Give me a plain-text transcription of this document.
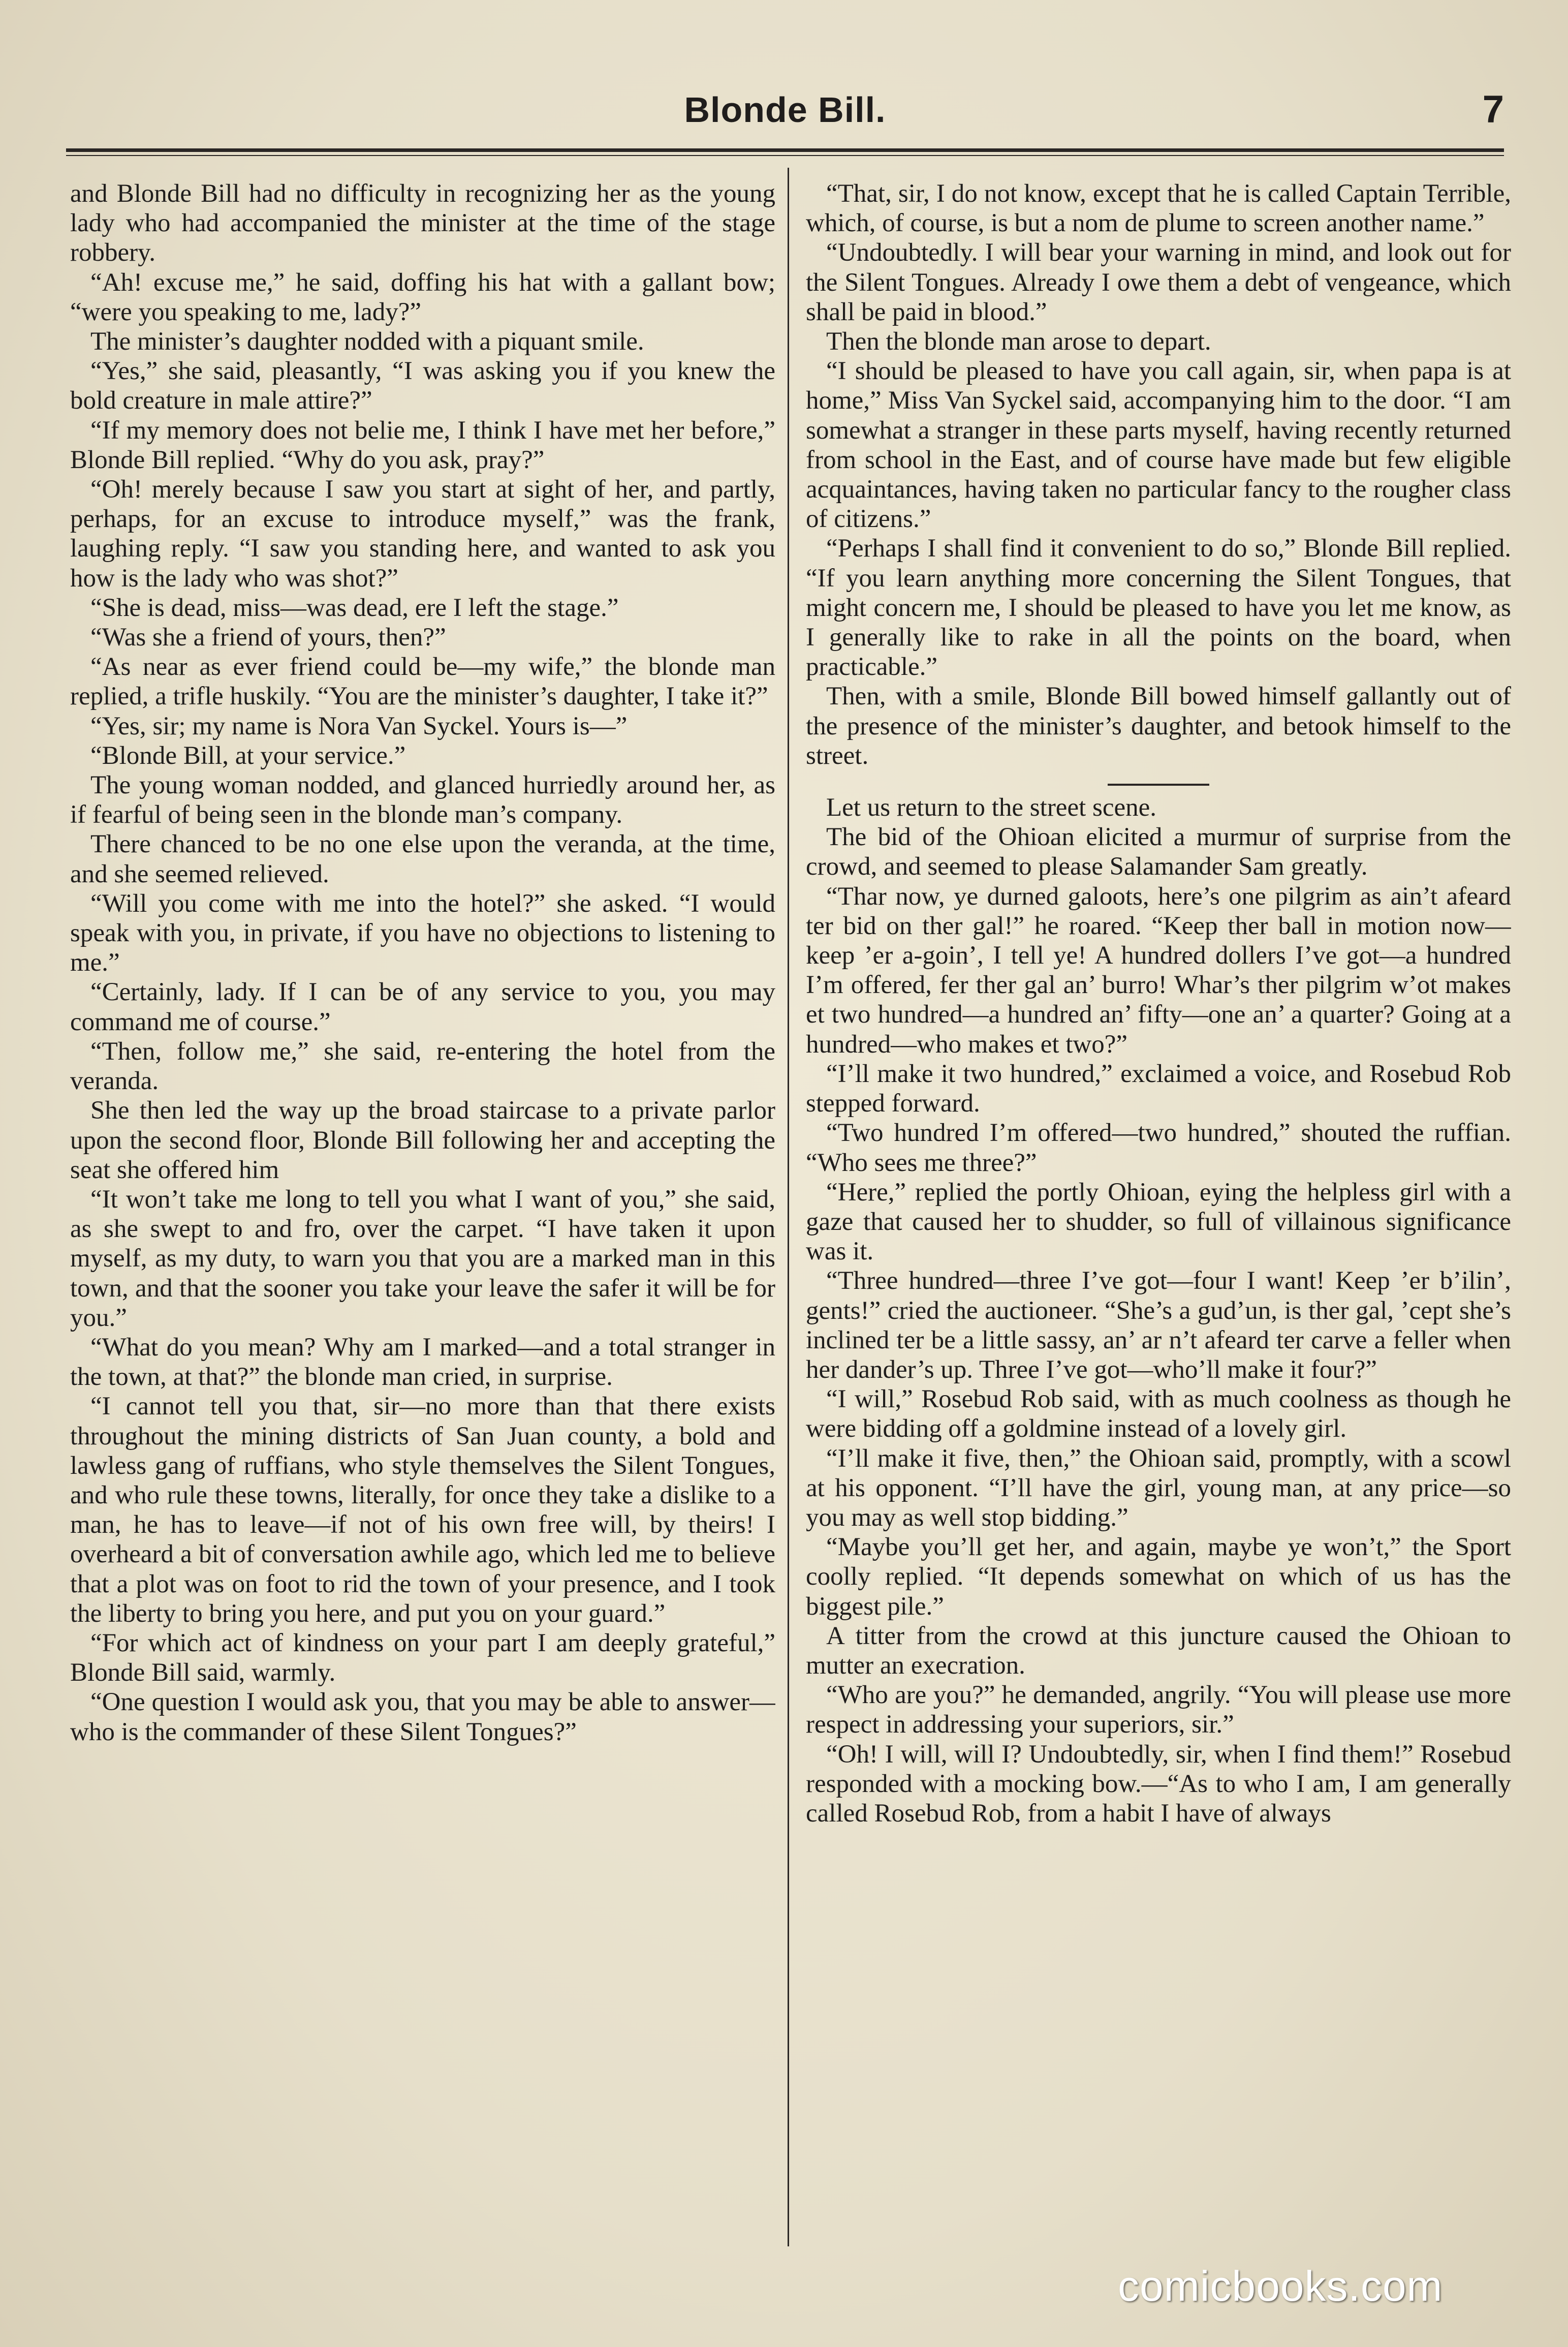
Blonde Bill.	7

and Blonde Bill had no difficulty in recognizing her as the young lady who had accompanied the minister at the time of the stage robbery.

“Ah! excuse me,” he said, doffing his hat with a gallant bow; “were you speaking to me, lady?”

The minister’s daughter nodded with a piquant smile.

“Yes,” she said, pleasantly, “I was asking you if you knew the bold creature in male attire?”

“If my memory does not belie me, I think I have met her before,” Blonde Bill replied. “Why do you ask, pray?”

“Oh! merely because I saw you start at sight of her, and partly, perhaps, for an excuse to introduce myself,” was the frank, laughing reply. “I saw you standing here, and wanted to ask you how is the lady who was shot?”

“She is dead, miss—was dead, ere I left the stage.”

“Was she a friend of yours, then?”

“As near as ever friend could be—my wife,” the blonde man replied, a trifle huskily. “You are the minister’s daughter, I take it?”

“Yes, sir; my name is Nora Van Syckel. Yours is—”

“Blonde Bill, at your service.”

The young woman nodded, and glanced hurriedly around her, as if fearful of being seen in the blonde man’s company.

There chanced to be no one else upon the veranda, at the time, and she seemed relieved.

“Will you come with me into the hotel?” she asked. “I would speak with you, in private, if you have no objections to listening to me.”

“Certainly, lady. If I can be of any service to you, you may command me of course.”

“Then, follow me,” she said, re-entering the hotel from the veranda.

She then led the way up the broad staircase to a private parlor upon the second floor, Blonde Bill following her and accepting the seat she offered him

“It won’t take me long to tell you what I want of you,” she said, as she swept to and fro, over the carpet. “I have taken it upon myself, as my duty, to warn you that you are a marked man in this town, and that the sooner you take your leave the safer it will be for you.”

“What do you mean? Why am I marked—and a total stranger in the town, at that?” the blonde man cried, in surprise.

“I cannot tell you that, sir—no more than that there exists throughout the mining districts of San Juan county, a bold and lawless gang of ruffians, who style themselves the Silent Tongues, and who rule these towns, literally, for once they take a dislike to a man, he has to leave—if not of his own free will, by theirs! I overheard a bit of conversation awhile ago, which led me to believe that a plot was on foot to rid the town of your presence, and I took the liberty to bring you here, and put you on your guard.”

“For which act of kindness on your part I am deeply grateful,” Blonde Bill said, warmly.

“One question I would ask you, that you may be able to answer—who is the commander of these Silent Tongues?”

“That, sir, I do not know, except that he is called Captain Terrible, which, of course, is but a nom de plume to screen another name.”

“Undoubtedly. I will bear your warning in mind, and look out for the Silent Tongues. Already I owe them a debt of vengeance, which shall be paid in blood.”

Then the blonde man arose to depart.

“I should be pleased to have you call again, sir, when papa is at home,” Miss Van Syckel said, accompanying him to the door. “I am somewhat a stranger in these parts myself, having recently returned from school in the East, and of course have made but few eligible acquaintances, having taken no particular fancy to the rougher class of citizens.”

“Perhaps I shall find it convenient to do so,” Blonde Bill replied. “If you learn anything more concerning the Silent Tongues, that might concern me, I should be pleased to have you let me know, as I generally like to rake in all the points on the board, when practicable.”

Then, with a smile, Blonde Bill bowed himself gallantly out of the presence of the minister’s daughter, and betook himself to the street.

Let us return to the street scene.

The bid of the Ohioan elicited a murmur of surprise from the crowd, and seemed to please Salamander Sam greatly.

“Thar now, ye durned galoots, here’s one pilgrim as ain’t afeard ter bid on ther gal!” he roared. “Keep ther ball in motion now—keep ’er a-goin’, I tell ye! A hundred dollers I’ve got—a hundred I’m offered, fer ther gal an’ burro! Whar’s ther pilgrim w’ot makes et two hundred—a hundred an’ fifty—one an’ a quarter? Going at a hundred—who makes et two?”

“I’ll make it two hundred,” exclaimed a voice, and Rosebud Rob stepped forward.

“Two hundred I’m offered—two hundred,” shouted the ruffian. “Who sees me three?”

“Here,” replied the portly Ohioan, eying the helpless girl with a gaze that caused her to shudder, so full of villainous significance was it.

“Three hundred—three I’ve got—four I want! Keep ’er b’ilin’, gents!” cried the auctioneer. “She’s a gud’un, is ther gal, ’cept she’s inclined ter be a little sassy, an’ ar n’t afeard ter carve a feller when her dander’s up. Three I’ve got—who’ll make it four?”

“I will,” Rosebud Rob said, with as much coolness as though he were bidding off a goldmine instead of a lovely girl.

“I’ll make it five, then,” the Ohioan said, promptly, with a scowl at his opponent. “I’ll have the girl, young man, at any price—so you may as well stop bidding.”

“Maybe you’ll get her, and again, maybe ye won’t,” the Sport coolly replied. “It depends somewhat on which of us has the biggest pile.”

A titter from the crowd at this juncture caused the Ohioan to mutter an execration.

“Who are you?” he demanded, angrily. “You will please use more respect in addressing your superiors, sir.”

“Oh! I will, will I? Undoubtedly, sir, when I find them!” Rosebud responded with a mocking bow.—“As to who I am, I am generally called Rosebud Rob, from a habit I have of always

comicbooks.com
